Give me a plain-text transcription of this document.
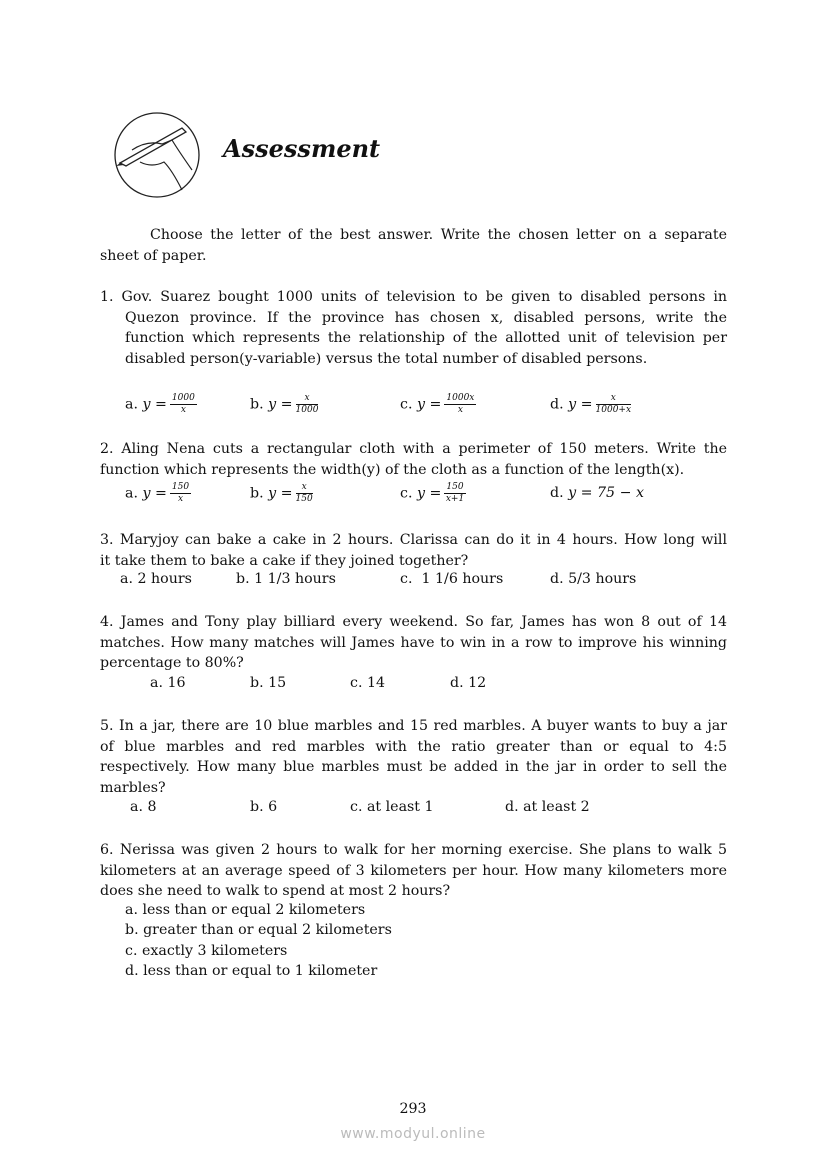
Assessment
Choose the letter of the best answer. Write the chosen letter on a separate sheet of paper.
1. Gov. Suarez bought 1000 units of television to be given to disabled persons in
Quezon province. If the province has chosen x, disabled persons, write the
function which represents the relationship of the allotted unit of television per
disabled person(y-variable) versus the total number of disabled persons.
a. $y = \frac{1000}{x}$	b. $y = \frac{x}{1000}$	c. $y = \frac{1000x}{x}$	d. $y = \frac{x}{1000+x}$
2. Aling Nena cuts a rectangular cloth with a perimeter of 150 meters. Write the
function which represents the width(y) of the cloth as a function of the length(x).
a. $y = \frac{150}{x}$	b. $y = \frac{x}{150}$	c. $y = \frac{150}{x+1}$	d. y = 75 − x
3. Maryjoy can bake a cake in 2 hours. Clarissa can do it in 4 hours. How long will
it take them to bake a cake if they joined together?
a. 2 hours	b. 1 1/3 hours	c.  1 1/6 hours	d. 5/3 hours
4. James and Tony play billiard every weekend. So far, James has won 8 out of 14
matches. How many matches will James have to win in a row to improve his winning
percentage to 80%?
a. 16	b. 15	c. 14	d. 12
5. In a jar, there are 10 blue marbles and 15 red marbles. A buyer wants to buy a jar
of blue marbles and red marbles with the ratio greater than or equal to 4:5
respectively. How many blue marbles must be added in the jar in order to sell the
marbles?
a. 8	b. 6	c. at least 1	d. at least 2
6. Nerissa was given 2 hours to walk for her morning exercise. She plans to walk 5
kilometers at an average speed of 3 kilometers per hour. How many kilometers more
does she need to walk to spend at most 2 hours?
a. less than or equal 2 kilometers
b. greater than or equal 2 kilometers
c. exactly 3 kilometers
d. less than or equal to 1 kilometer
293
www.modyul.online
